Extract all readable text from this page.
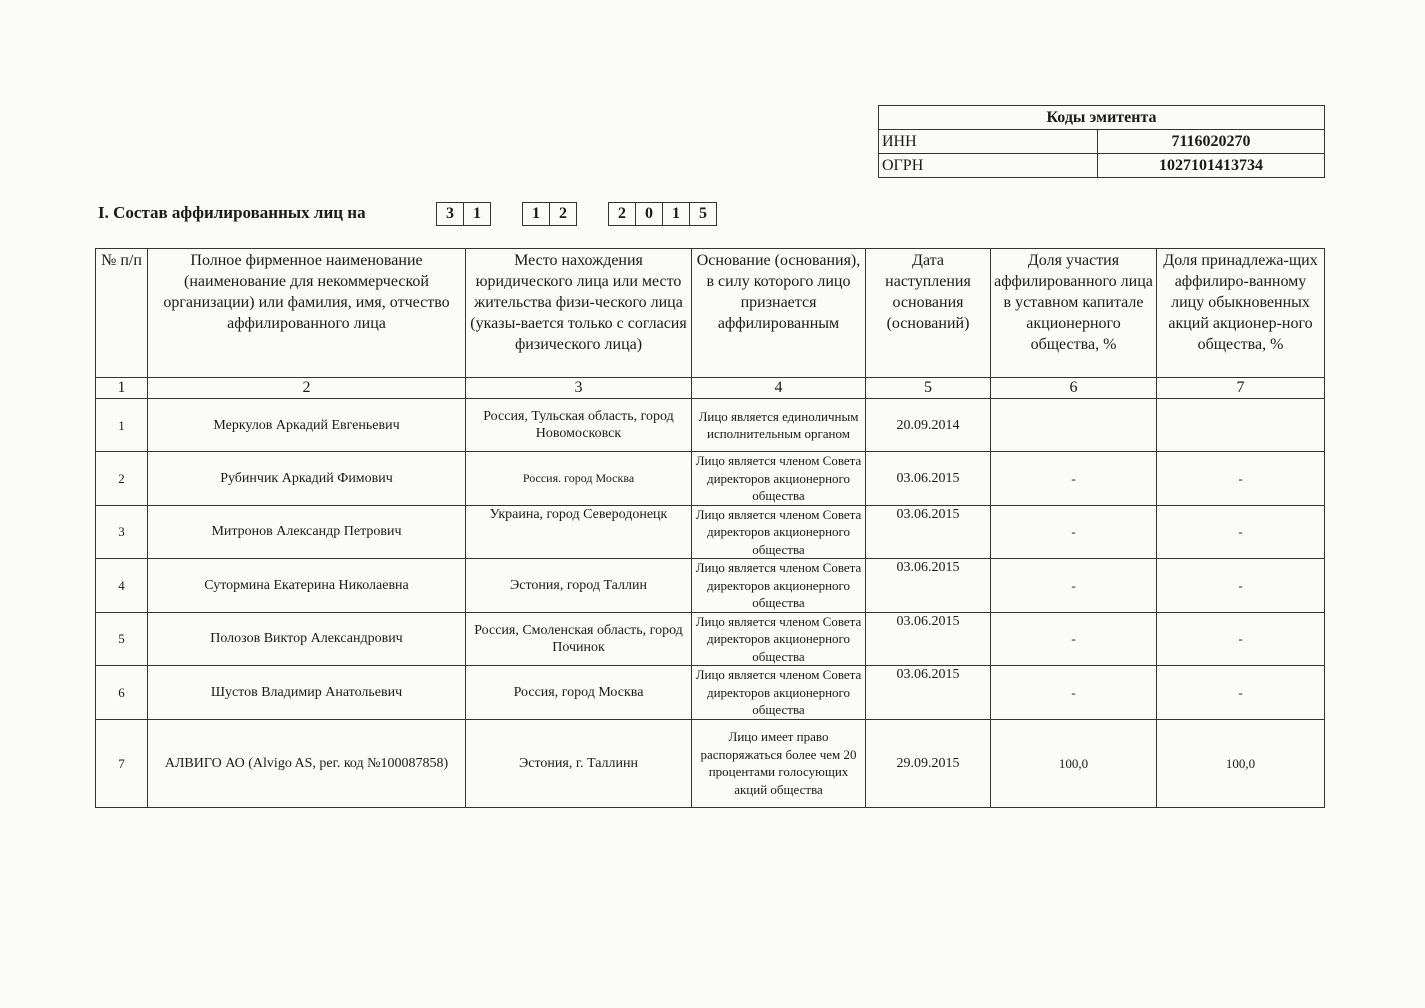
Коды эмитента	
ИНН	7116020270
ОГРН	1027101413734
I. Состав аффилированных лиц на	3	1	1	2	2	0	1	5
№ п/п	Полное фирменное наименование (наименование для некоммерческой организации) или фамилия, имя, отчество аффилированного лица	Место нахождения юридического лица или место жительства физи-ческого лица (указы-вается только с согласия физического лица)	Основание (основания), в силу которого лицо признается аффилированным	Дата наступления основания (оснований)	Доля участия аффилированного лица в уставном капитале акционерного общества, %	Доля принадлежа-щих аффилиро-ванному лицу обыкновенных акций акционер-ного общества, %
1	2	3	4	5	6	7
1	Меркулов Аркадий Евгеньевич	Россия, Тульская область, город Новомосковск	Лицо является единоличным исполнительным органом	20.09.2014		
2	Рубинчик Аркадий Фимович	Россия. город Москва	Лицо является членом Совета директоров акционерного общества	03.06.2015	-	-
3	Митронов Александр Петрович	Украина, город Северодонецк	Лицо является членом Совета директоров акционерного общества	03.06.2015	-	-
4	Сутормина Екатерина Николаевна	Эстония, город Таллин	Лицо является членом Совета директоров акционерного общества	03.06.2015	-	-
5	Полозов Виктор Александрович	Россия, Смоленская область, город Починок	Лицо является членом Совета директоров акционерного общества	03.06.2015	-	-
6	Шустов Владимир Анатольевич	Россия, город Москва	Лицо является членом Совета директоров акционерного общества	03.06.2015	-	-
7	АЛВИГО АО (Alvigo AS, рег. код №100087858)	Эстония, г. Таллинн	Лицо имеет право распоряжаться более чем 20 процентами голосующих акций общества	29.09.2015	100,0	100,0
